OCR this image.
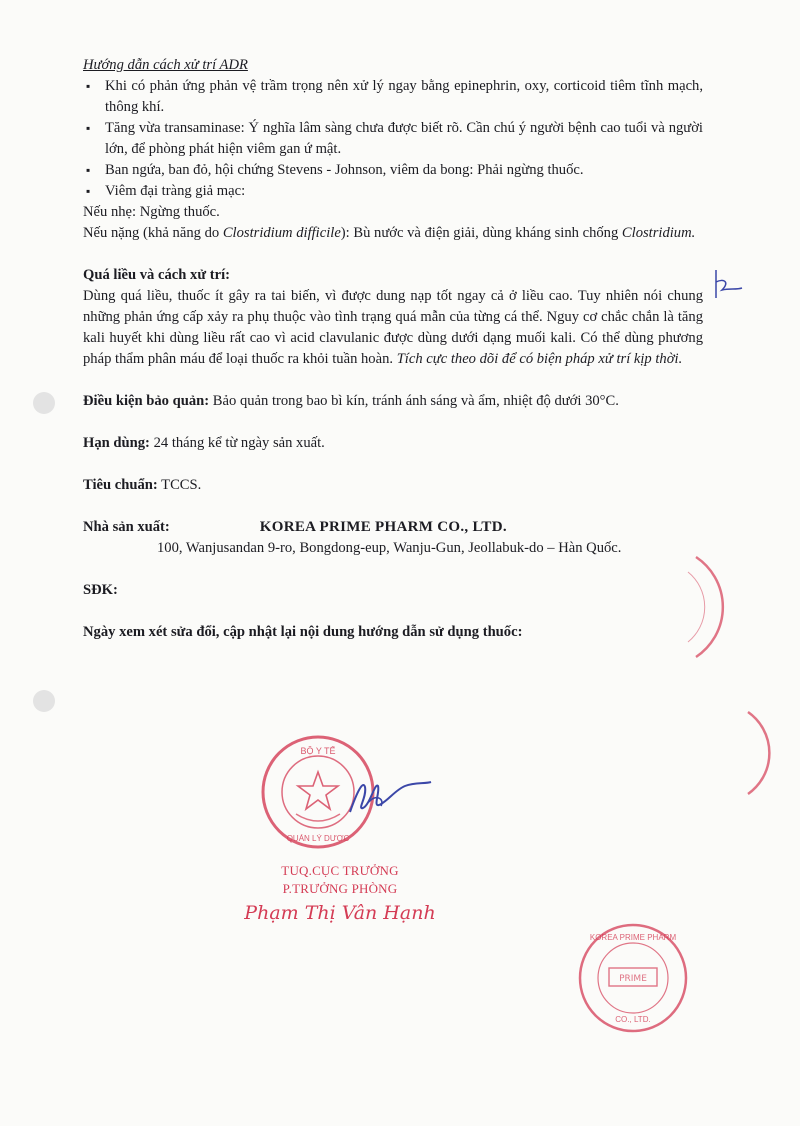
Hướng dẫn cách xử trí ADR

▪ Khi có phản ứng phản vệ trầm trọng nên xử lý ngay bằng epinephrin, oxy, corticoid tiêm tĩnh mạch, thông khí.

▪ Tăng vừa transaminase: Ý nghĩa lâm sàng chưa được biết rõ. Cần chú ý người bệnh cao tuổi và người lớn, để phòng phát hiện viêm gan ứ mật.

▪ Ban ngứa, ban đỏ, hội chứng Stevens - Johnson, viêm da bong: Phải ngừng thuốc.

▪ Viêm đại tràng giả mạc:

Nếu nhẹ: Ngừng thuốc.

Nếu nặng (khả năng do Clostridium difficile): Bù nước và điện giải, dùng kháng sinh chống Clostridium.

Quá liều và cách xử trí:

Dùng quá liều, thuốc ít gây ra tai biến, vì được dung nạp tốt ngay cả ở liều cao. Tuy nhiên nói chung những phản ứng cấp xảy ra phụ thuộc vào tình trạng quá mẫn của từng cá thể. Nguy cơ chắc chắn là tăng kali huyết khi dùng liều rất cao vì acid clavulanic được dùng dưới dạng muối kali. Có thể dùng phương pháp thẩm phân máu để loại thuốc ra khỏi tuần hoàn. Tích cực theo dõi để có biện pháp xử trí kịp thời.

Điều kiện bảo quản: Bảo quản trong bao bì kín, tránh ánh sáng và ẩm, nhiệt độ dưới 30°C.

Hạn dùng: 24 tháng kể từ ngày sản xuất.

Tiêu chuẩn: TCCS.

Nhà sản xuất:	KOREA PRIME PHARM CO., LTD.

100, Wanjusandan 9-ro, Bongdong-eup, Wanju-Gun, Jeollabuk-do – Hàn Quốc.

SĐK:

Ngày xem xét sửa đổi, cập nhật lại nội dung hướng dẫn sử dụng thuốc:

BỘ Y TẾ
QUẢN LÝ DƯỢC
TUQ.CỤC TRƯỞNG
P.TRƯỞNG PHÒNG
Phạm Thị Vân Hạnh
PRIME
KOREA PRIME PHARM
CO., LTD.
